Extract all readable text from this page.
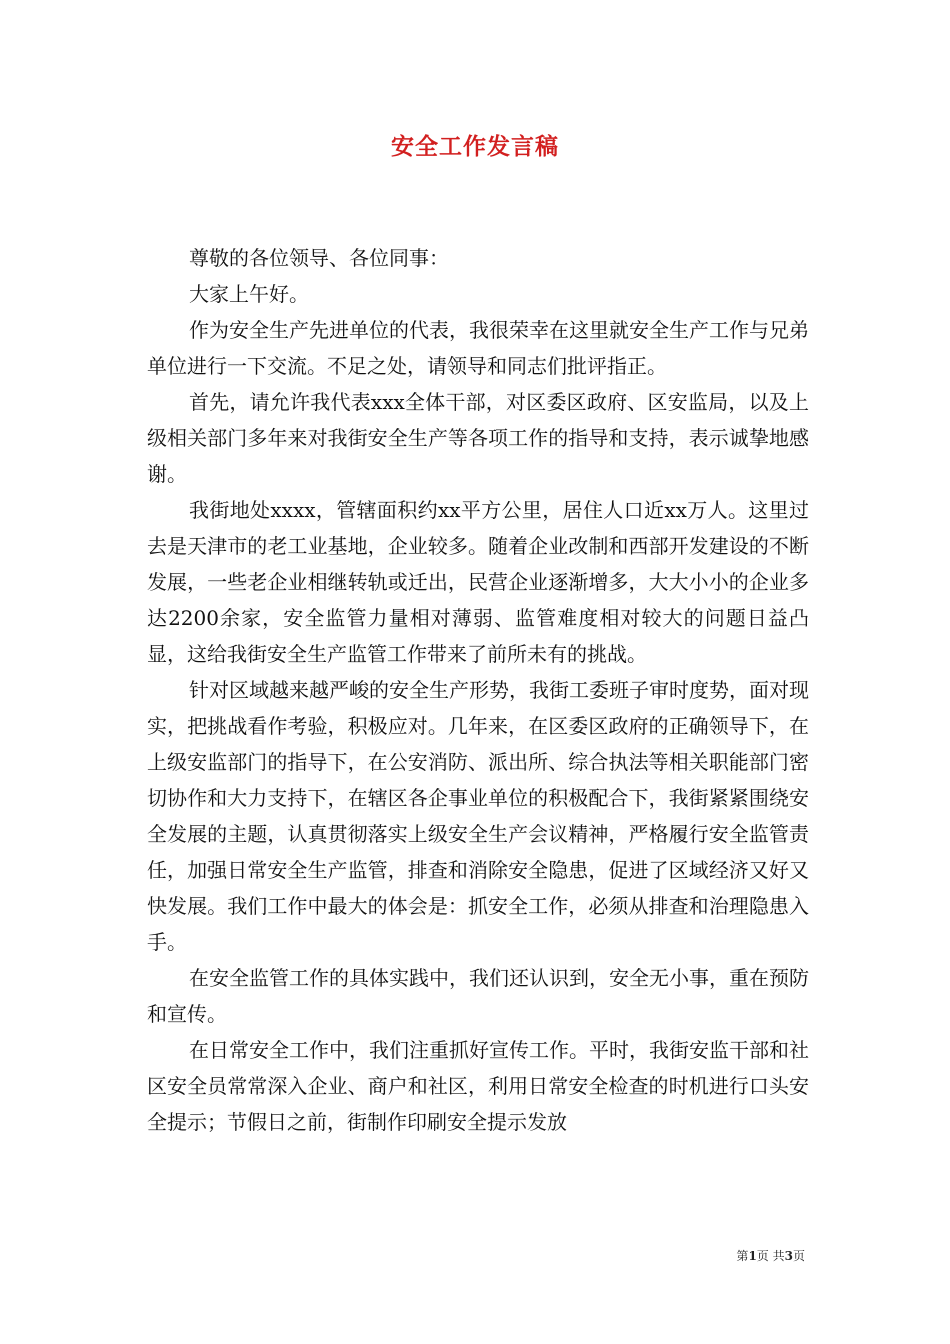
安全工作发言稿

尊敬的各位领导、各位同事：

大家上午好。

作为安全生产先进单位的代表，我很荣幸在这里就安全生产工作与兄弟单位进行一下交流。不足之处，请领导和同志们批评指正。

首先，请允许我代表xxx全体干部，对区委区政府、区安监局，以及上级相关部门多年来对我街安全生产等各项工作的指导和支持，表示诚挚地感谢。

我街地处xxxx，管辖面积约xx平方公里，居住人口近xx万人。这里过去是天津市的老工业基地，企业较多。随着企业改制和西部开发建设的不断发展，一些老企业相继转轨或迁出，民营企业逐渐增多，大大小小的企业多达2200余家，安全监管力量相对薄弱、监管难度相对较大的问题日益凸显，这给我街安全生产监管工作带来了前所未有的挑战。

针对区域越来越严峻的安全生产形势，我街工委班子审时度势，面对现实，把挑战看作考验，积极应对。几年来，在区委区政府的正确领导下，在上级安监部门的指导下，在公安消防、派出所、综合执法等相关职能部门密切协作和大力支持下，在辖区各企事业单位的积极配合下，我街紧紧围绕安全发展的主题，认真贯彻落实上级安全生产会议精神，严格履行安全监管责任，加强日常安全生产监管，排查和消除安全隐患，促进了区域经济又好又快发展。我们工作中最大的体会是：抓安全工作，必须从排查和治理隐患入手。

在安全监管工作的具体实践中，我们还认识到，安全无小事，重在预防和宣传。

在日常安全工作中，我们注重抓好宣传工作。平时，我街安监干部和社区安全员常常深入企业、商户和社区，利用日常安全检查的时机进行口头安全提示；节假日之前，街制作印刷安全提示发放

第1页 共3页
